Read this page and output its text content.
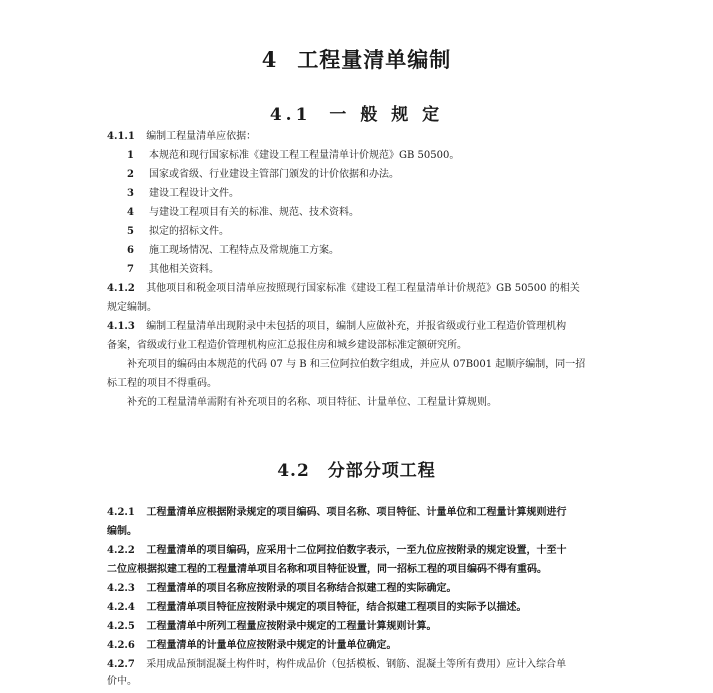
4 工程量清单编制
4.1 一 般 规 定
4.1.1 编制工程量清单应依据：
1 本规范和现行国家标准《建设工程工程量清单计价规范》GB 50500。
2 国家或省级、行业建设主管部门颁发的计价依据和办法。
3 建设工程设计文件。
4 与建设工程项目有关的标准、规范、技术资料。
5 拟定的招标文件。
6 施工现场情况、工程特点及常规施工方案。
7 其他相关资料。
4.1.2 其他项目和税金项目清单应按照现行国家标准《建设工程工程量清单计价规范》GB 50500 的相关
规定编制。
4.1.3 编制工程量清单出现附录中未包括的项目，编制人应做补充，并报省级或行业工程造价管理机构
备案，省级或行业工程造价管理机构应汇总报住房和城乡建设部标准定额研究所。
补充项目的编码由本规范的代码 07 与 B 和三位阿拉伯数字组成，并应从 07B001 起顺序编制，同一招
标工程的项目不得重码。
补充的工程量清单需附有补充项目的名称、项目特征、计量单位、工程量计算规则。
4.2 分部分项工程
4.2.1 工程量清单应根据附录规定的项目编码、项目名称、项目特征、计量单位和工程量计算规则进行
编制。
4.2.2 工程量清单的项目编码，应采用十二位阿拉伯数字表示，一至九位应按附录的规定设置，十至十
二位应根据拟建工程的工程量清单项目名称和项目特征设置，同一招标工程的项目编码不得有重码。
4.2.3 工程量清单的项目名称应按附录的项目名称结合拟建工程的实际确定。
4.2.4 工程量清单项目特征应按附录中规定的项目特征，结合拟建工程项目的实际予以描述。
4.2.5 工程量清单中所列工程量应按附录中规定的工程量计算规则计算。
4.2.6 工程量清单的计量单位应按附录中规定的计量单位确定。
4.2.7 采用成品预制混凝土构件时，构件成品价（包括模板、钢筋、混凝土等所有费用）应计入综合单
价中。
